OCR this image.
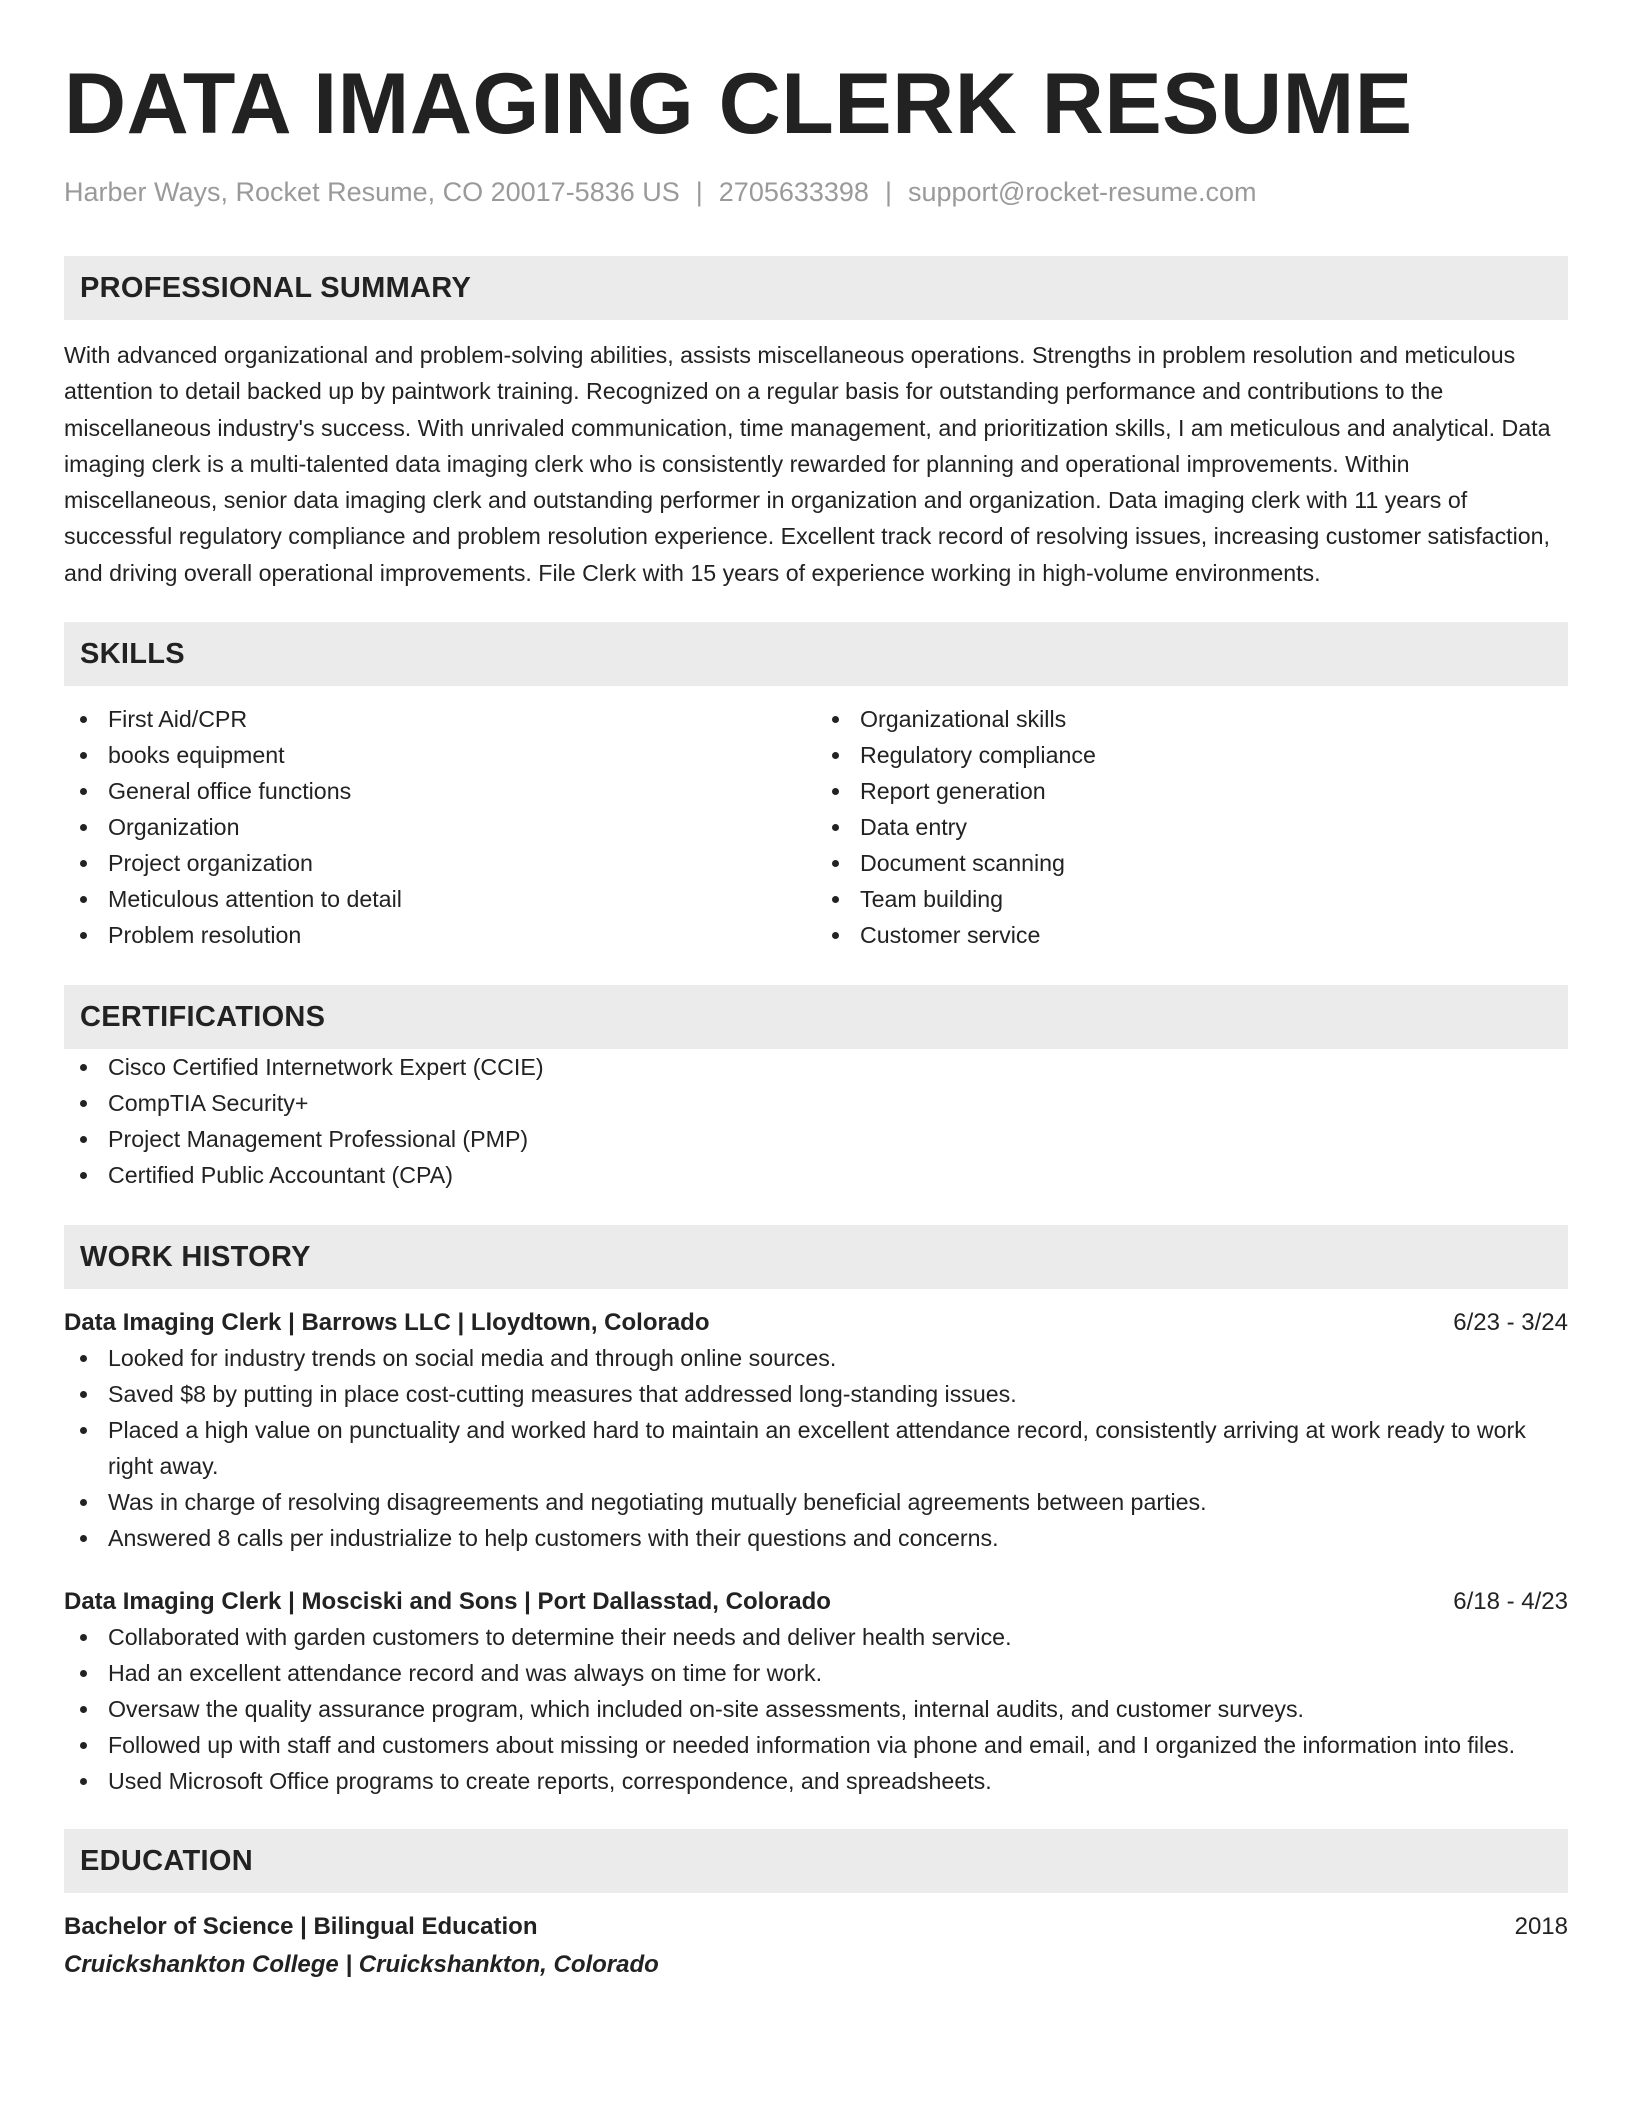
DATA IMAGING CLERK RESUME
Harber Ways, Rocket Resume, CO 20017-5836 US | 2705633398 | support@rocket-resume.com
PROFESSIONAL SUMMARY

With advanced organizational and problem-solving abilities, assists miscellaneous operations. Strengths in problem resolution and meticulous attention to detail backed up by paintwork training. Recognized on a regular basis for outstanding performance and contributions to the miscellaneous industry's success. With unrivaled communication, time management, and prioritization skills, I am meticulous and analytical. Data imaging clerk is a multi-talented data imaging clerk who is consistently rewarded for planning and operational improvements. Within miscellaneous, senior data imaging clerk and outstanding performer in organization and organization. Data imaging clerk with 11 years of successful regulatory compliance and problem resolution experience. Excellent track record of resolving issues, increasing customer satisfaction, and driving overall operational improvements. File Clerk with 15 years of experience working in high-volume environments.

SKILLS
First Aid/CPR
books equipment
General office functions
Organization
Project organization
Meticulous attention to detail
Problem resolution
Organizational skills
Regulatory compliance
Report generation
Data entry
Document scanning
Team building
Customer service
CERTIFICATIONS
Cisco Certified Internetwork Expert (CCIE)
CompTIA Security+
Project Management Professional (PMP)
Certified Public Accountant (CPA)
WORK HISTORY
Data Imaging Clerk | Barrows LLC | Lloydtown, Colorado	6/23 - 3/24
Looked for industry trends on social media and through online sources.
Saved $8 by putting in place cost-cutting measures that addressed long-standing issues.
Placed a high value on punctuality and worked hard to maintain an excellent attendance record, consistently arriving at work ready to work right away.
Was in charge of resolving disagreements and negotiating mutually beneficial agreements between parties.
Answered 8 calls per industrialize to help customers with their questions and concerns.
Data Imaging Clerk | Mosciski and Sons | Port Dallasstad, Colorado	6/18 - 4/23
Collaborated with garden customers to determine their needs and deliver health service.
Had an excellent attendance record and was always on time for work.
Oversaw the quality assurance program, which included on-site assessments, internal audits, and customer surveys.
Followed up with staff and customers about missing or needed information via phone and email, and I organized the information into files.
Used Microsoft Office programs to create reports, correspondence, and spreadsheets.
EDUCATION
Bachelor of Science | Bilingual Education	2018
Cruickshankton College | Cruickshankton, Colorado
